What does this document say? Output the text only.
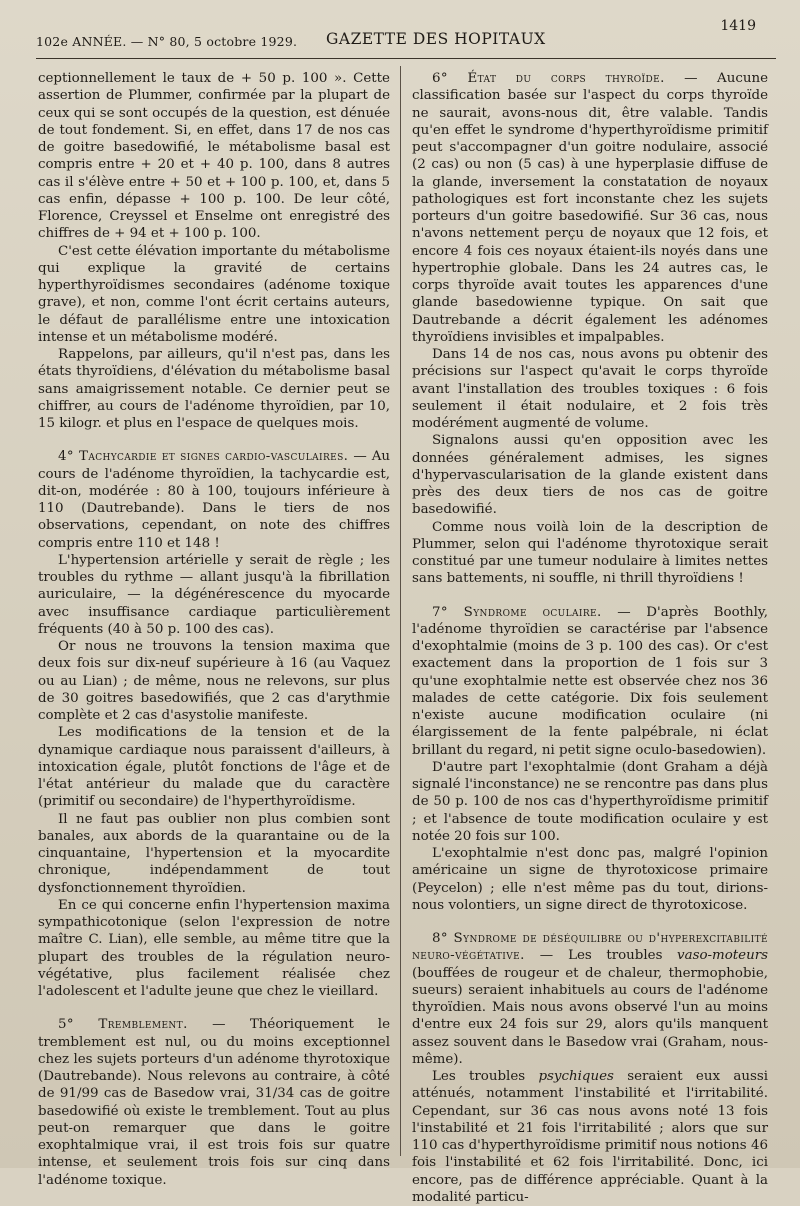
102e ANNÉE. — N° 80, 5 octobre 1929. GAZETTE DES HOPITAUX
1419

ceptionnellement le taux de + 50 p. 100 ». Cette assertion de Plummer, confirmée par la plupart de ceux qui se sont occupés de la question, est dénuée de tout fondement. Si, en effet, dans 17 de nos cas de goitre basedowifié, le métabolisme basal est compris entre + 20 et + 40 p. 100, dans 8 autres cas il s'élève entre + 50 et + 100 p. 100, et, dans 5 cas enfin, dépasse + 100 p. 100. De leur côté, Florence, Creyssel et Enselme ont enregistré des chiffres de + 94 et + 100 p. 100.

C'est cette élévation importante du métabolisme qui explique la gravité de certains hyperthyroïdismes secondaires (adénome toxique grave), et non, comme l'ont écrit certains auteurs, le défaut de parallélisme entre une intoxication intense et un métabolisme modéré.

Rappelons, par ailleurs, qu'il n'est pas, dans les états thyroïdiens, d'élévation du métabolisme basal sans amaigrissement notable. Ce dernier peut se chiffrer, au cours de l'adénome thyroïdien, par 10, 15 kilogr. et plus en l'espace de quelques mois.

4° Tachycardie et signes cardio-vasculaires. — Au cours de l'adénome thyroïdien, la tachycardie est, dit-on, modérée : 80 à 100, toujours inférieure à 110 (Dautrebande). Dans le tiers de nos observations, cependant, on note des chiffres compris entre 110 et 148 !

L'hypertension artérielle y serait de règle ; les troubles du rythme — allant jusqu'à la fibrillation auriculaire, — la dégénérescence du myocarde avec insuffisance cardiaque particulièrement fréquents (40 à 50 p. 100 des cas).

Or nous ne trouvons la tension maxima que deux fois sur dix-neuf supérieure à 16 (au Vaquez ou au Lian) ; de même, nous ne relevons, sur plus de 30 goitres basedowifiés, que 2 cas d'arythmie complète et 2 cas d'asystolie manifeste.

Les modifications de la tension et de la dynamique cardiaque nous paraissent d'ailleurs, à intoxication égale, plutôt fonctions de l'âge et de l'état antérieur du malade que du caractère (primitif ou secondaire) de l'hyperthyroïdisme.

Il ne faut pas oublier non plus combien sont banales, aux abords de la quarantaine ou de la cinquantaine, l'hypertension et la myocardite chronique, indépendamment de tout dysfonctionnement thyroïdien.

En ce qui concerne enfin l'hypertension maxima sympathicotonique (selon l'expression de notre maître C. Lian), elle semble, au même titre que la plupart des troubles de la régulation neuro-végétative, plus facilement réalisée chez l'adolescent et l'adulte jeune que chez le vieillard.

5° Tremblement. — Théoriquement le tremblement est nul, ou du moins exceptionnel chez les sujets porteurs d'un adénome thyrotoxique (Dautrebande). Nous relevons au contraire, à côté de 91/99 cas de Basedow vrai, 31/34 cas de goitre basedowifié où existe le tremblement. Tout au plus peut-on remarquer que dans le goitre exophtalmique vrai, il est trois fois sur quatre intense, et seulement trois fois sur cinq dans l'adénome toxique.

6° État du corps thyroïde. — Aucune classification basée sur l'aspect du corps thyroïde ne saurait, avons-nous dit, être valable. Tandis qu'en effet le syndrome d'hyperthyroïdisme primitif peut s'accompagner d'un goitre nodulaire, associé (2 cas) ou non (5 cas) à une hyperplasie diffuse de la glande, inversement la constatation de noyaux pathologiques est fort inconstante chez les sujets porteurs d'un goitre basedowifié. Sur 36 cas, nous n'avons nettement perçu de noyaux que 12 fois, et encore 4 fois ces noyaux étaient-ils noyés dans une hypertrophie globale. Dans les 24 autres cas, le corps thyroïde avait toutes les apparences d'une glande basedowienne typique. On sait que Dautrebande a décrit également les adénomes thyroïdiens invisibles et impalpables.

Dans 14 de nos cas, nous avons pu obtenir des précisions sur l'aspect qu'avait le corps thyroïde avant l'installation des troubles toxiques : 6 fois seulement il était nodulaire, et 2 fois très modérément augmenté de volume.

Signalons aussi qu'en opposition avec les données généralement admises, les signes d'hypervascularisation de la glande existent dans près des deux tiers de nos cas de goitre basedowifié.

Comme nous voilà loin de la description de Plummer, selon qui l'adénome thyrotoxique serait constitué par une tumeur nodulaire à limites nettes sans battements, ni souffle, ni thrill thyroïdiens !

7° Syndrome oculaire. — D'après Boothly, l'adénome thyroïdien se caractérise par l'absence d'exophtalmie (moins de 3 p. 100 des cas). Or c'est exactement dans la proportion de 1 fois sur 3 qu'une exophtalmie nette est observée chez nos 36 malades de cette catégorie. Dix fois seulement n'existe aucune modification oculaire (ni élargissement de la fente palpébrale, ni éclat brillant du regard, ni petit signe oculo-basedowien).

D'autre part l'exophtalmie (dont Graham a déjà signalé l'inconstance) ne se rencontre pas dans plus de 50 p. 100 de nos cas d'hyperthyroïdisme primitif ; et l'absence de toute modification oculaire y est notée 20 fois sur 100.

L'exophtalmie n'est donc pas, malgré l'opinion américaine un signe de thyrotoxicose primaire (Peycelon) ; elle n'est même pas du tout, dirions-nous volontiers, un signe direct de thyrotoxicose.

8° Syndrome de déséquilibre ou d'hyperexcitabilité neuro-végétative. — Les troubles vaso-moteurs (bouffées de rougeur et de chaleur, thermophobie, sueurs) seraient inhabituels au cours de l'adénome thyroïdien. Mais nous avons observé l'un au moins d'entre eux 24 fois sur 29, alors qu'ils manquent assez souvent dans le Basedow vrai (Graham, nous-même).

Les troubles psychiques seraient eux aussi atténués, notamment l'instabilité et l'irritabilité. Cependant, sur 36 cas nous avons noté 13 fois l'instabilité et 21 fois l'irritabilité ; alors que sur 110 cas d'hyperthyroïdisme primitif nous notions 46 fois l'instabilité et 62 fois l'irritabilité. Donc, ici encore, pas de différence appréciable. Quant à la modalité particu-
